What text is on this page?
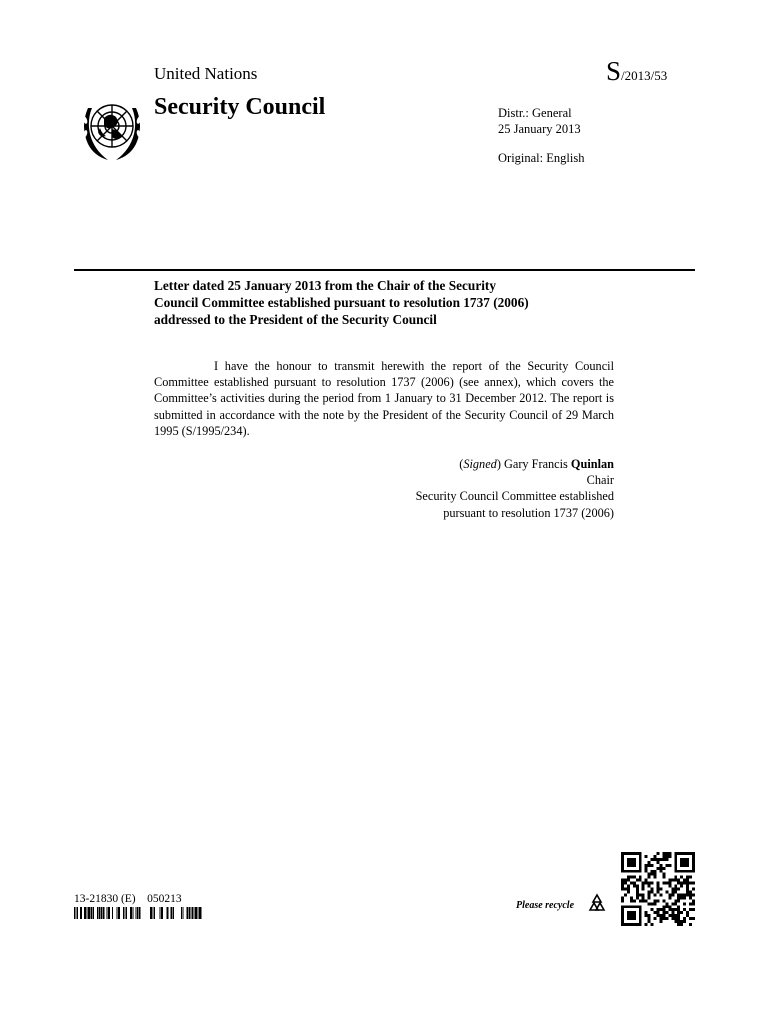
United Nations	S/2013/53
Security Council	Distr.: General
25 January 2013
Original: English
Letter dated 25 January 2013 from the Chair of the Security Council Committee established pursuant to resolution 1737 (2006) addressed to the President of the Security Council
I have the honour to transmit herewith the report of the Security Council Committee established pursuant to resolution 1737 (2006) (see annex), which covers the Committee’s activities during the period from 1 January to 31 December 2012. The report is submitted in accordance with the note by the President of the Security Council of 29 March 1995 (S/1995/234).
(Signed) Gary Francis Quinlan
Chair
Security Council Committee established
pursuant to resolution 1737 (2006)
13-21830 (E)    050213
Please recycle
